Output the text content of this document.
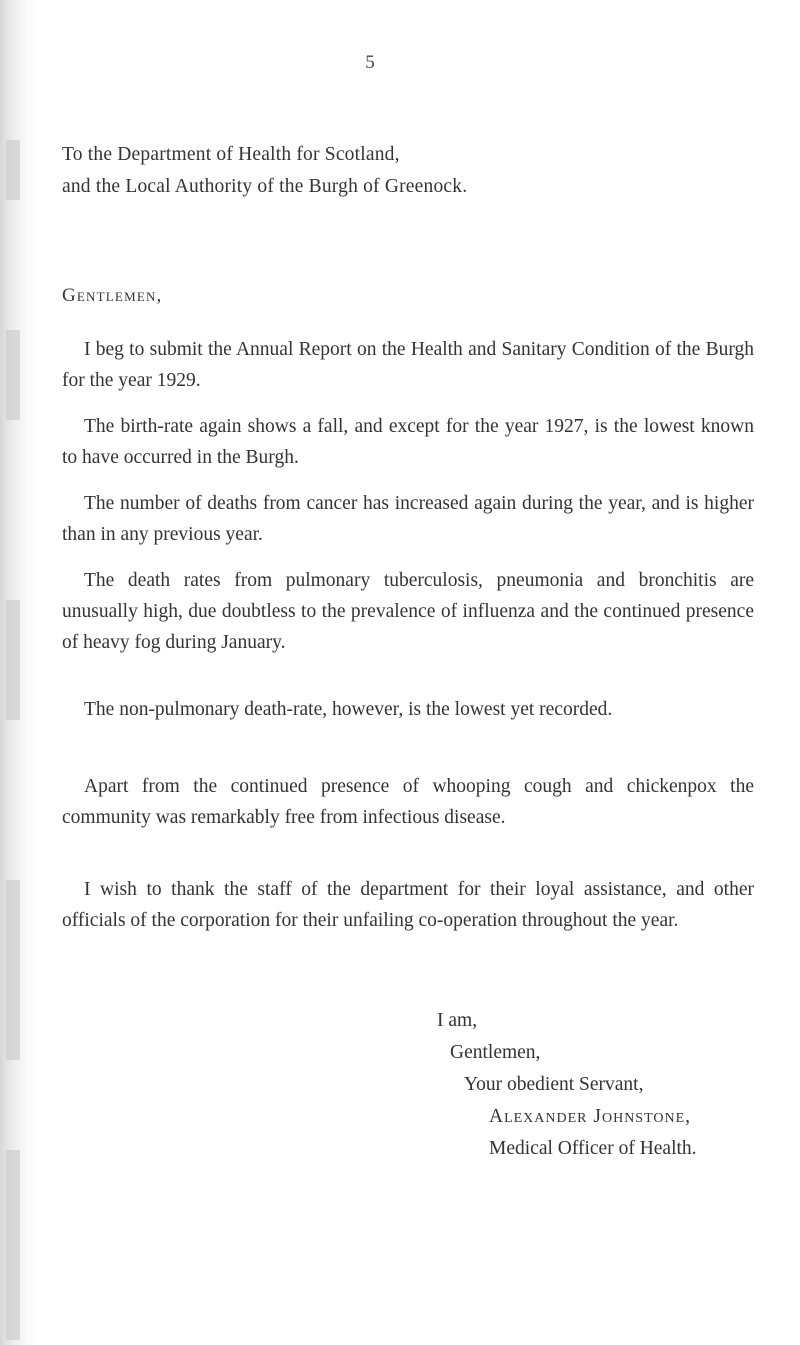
5

To the Department of Health for Scotland,

and the Local Authority of the Burgh of Greenock.

Gentlemen,

I beg to submit the Annual Report on the Health and Sanitary Condition of the Burgh for the year 1929.

The birth-rate again shows a fall, and except for the year 1927, is the lowest known to have occurred in the Burgh.

The number of deaths from cancer has increased again during the year, and is higher than in any previous year.

The death rates from pulmonary tuberculosis, pneumonia and bronchitis are unusually high, due doubtless to the prevalence of influenza and the continued presence of heavy fog during January.

The non-pulmonary death-rate, however, is the lowest yet recorded.

Apart from the continued presence of whooping cough and chickenpox the community was remarkably free from infectious disease.

I wish to thank the staff of the department for their loyal assistance, and other officials of the corporation for their unfailing co-operation throughout the year.

I am,
Gentlemen,
Your obedient Servant,
Alexander Johnstone,
Medical Officer of Health.
